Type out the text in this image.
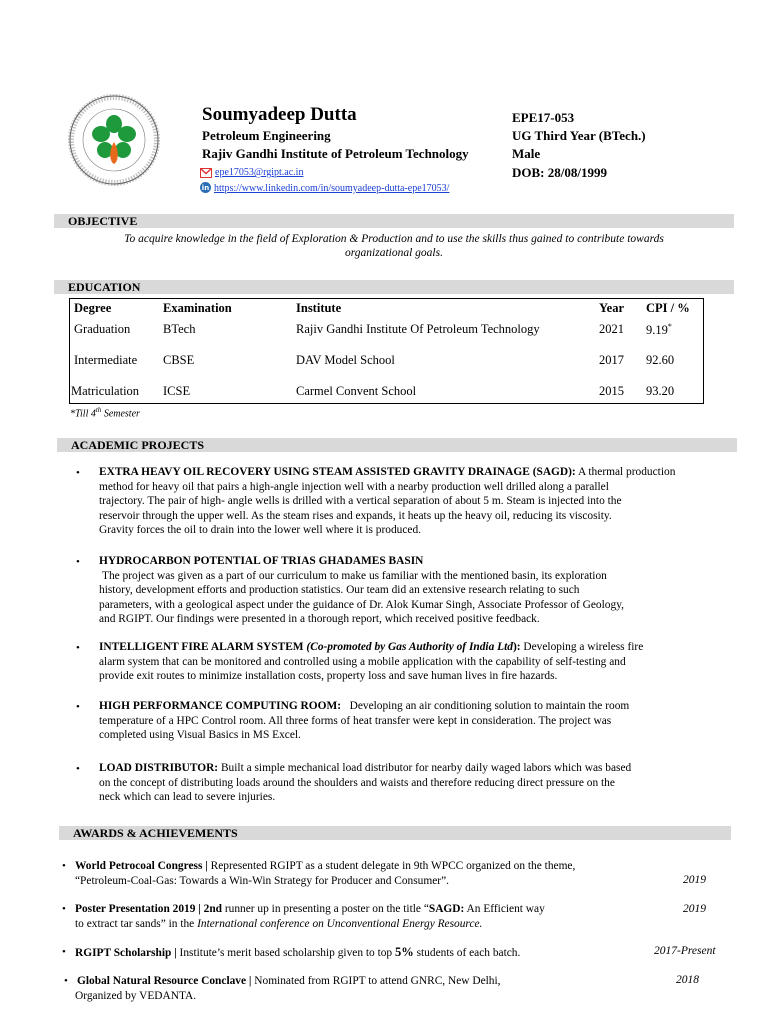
Soumyadeep Dutta
Petroleum Engineering
Rajiv Gandhi Institute of Petroleum Technology
EPE17-053
UG Third Year (BTech.)
Male
DOB: 28/08/1999
epe17053@rgipt.ac.in
in https://www.linkedin.com/in/soumyadeep-dutta-epe17053/
OBJECTIVE
To acquire knowledge in the field of Exploration & Production and to use the skills thus gained to contribute towards
organizational goals.
EDUCATION
Degree	Examination	Institute	Year CPI / %
Graduation	BTech	Rajiv Gandhi Institute Of Petroleum Technology	2021 9.19*
Intermediate CBSE	DAV Model School	2017 92.60
Matriculation ICSE	Carmel Convent School	2015 93.20
*Till 4th Semester
ACADEMIC PROJECTS
• EXTRA HEAVY OIL RECOVERY USING STEAM ASSISTED GRAVITY DRAINAGE (SAGD): A thermal production
method for heavy oil that pairs a high-angle injection well with a nearby production well drilled along a parallel
trajectory. The pair of high- angle wells is drilled with a vertical separation of about 5 m. Steam is injected into the
reservoir through the upper well. As the steam rises and expands, it heats up the heavy oil, reducing its viscosity.
Gravity forces the oil to drain into the lower well where it is produced.
• HYDROCARBON POTENTIAL OF TRIAS GHADAMES BASIN
The project was given as a part of our curriculum to make us familiar with the mentioned basin, its exploration
history, development efforts and production statistics. Our team did an extensive research relating to such
parameters, with a geological aspect under the guidance of Dr. Alok Kumar Singh, Associate Professor of Geology,
and RGIPT. Our findings were presented in a thorough report, which received positive feedback.
• INTELLIGENT FIRE ALARM SYSTEM (Co-promoted by Gas Authority of India Ltd): Developing a wireless fire
alarm system that can be monitored and controlled using a mobile application with the capability of self-testing and
provide exit routes to minimize installation costs, property loss and save human lives in fire hazards.
• HIGH PERFORMANCE COMPUTING ROOM:   Developing an air conditioning solution to maintain the room
temperature of a HPC Control room. All three forms of heat transfer were kept in consideration. The project was
completed using Visual Basics in MS Excel.
• LOAD DISTRIBUTOR: Built a simple mechanical load distributor for nearby daily waged labors which was based
on the concept of distributing loads around the shoulders and waists and therefore reducing direct pressure on the
neck which can lead to severe injuries.
AWARDS & ACHIEVEMENTS
• World Petrocoal Congress | Represented RGIPT as a student delegate in 9th WPCC organized on the theme,
“Petroleum-Coal-Gas: Towards a Win-Win Strategy for Producer and Consumer”.	2019
• Poster Presentation 2019 | 2nd runner up in presenting a poster on the title “SAGD: An Efficient way
to extract tar sands” in the International conference on Unconventional Energy Resource.
2019
• RGIPT Scholarship | Institute’s merit based scholarship given to top 5% students of each batch.	2017-Present
• Global Natural Resource Conclave | Nominated from RGIPT to attend GNRC, New Delhi,
Organized by VEDANTA.
2018
